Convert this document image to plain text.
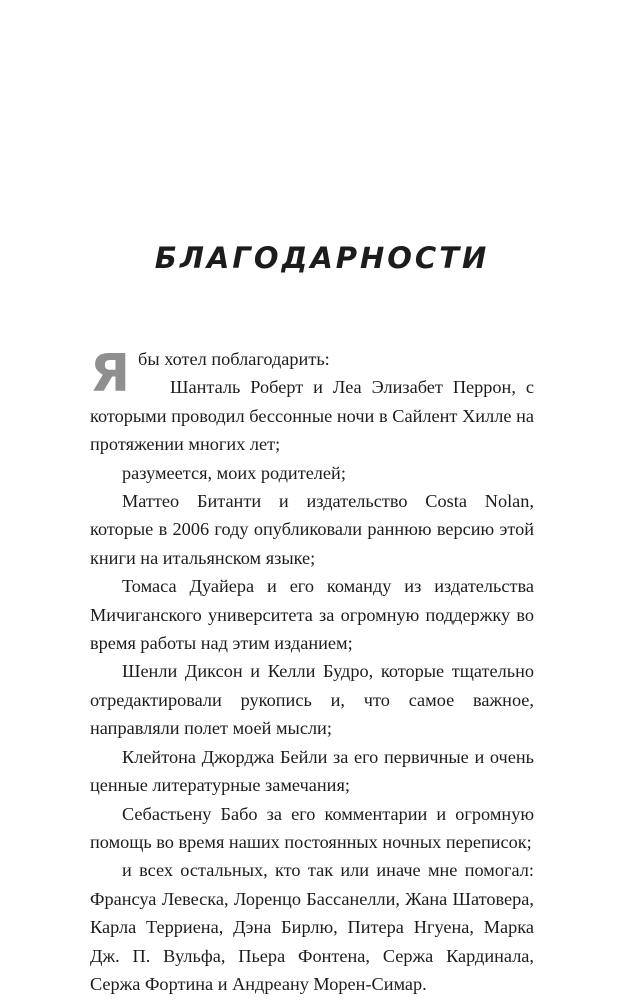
БЛАГОДАРНОСТИ

Ябы хотел поблагодарить:

Шанталь Роберт и Леа Элизабет Перрон, с которыми проводил бессонные ночи в Сайлент Хилле на протяжении многих лет;

разумеется, моих родителей;

Маттео Битанти и издательство Costa Nolan, которые в 2006 году опубликовали раннюю версию этой книги на итальянском языке;

Томаса Дуайера и его команду из издательства Мичиганского университета за огромную поддержку во время работы над этим изданием;

Шенли Диксон и Келли Будро, которые тщательно отредактировали рукопись и, что самое важное, направляли полет моей мысли;

Клейтона Джорджа Бейли за его первичные и очень ценные литературные замечания;

Себастьену Бабо за его комментарии и огромную помощь во время наших постоянных ночных переписок;

и всех остальных, кто так или иначе мне помогал: Франсуа Левеска, Лоренцо Бассанелли, Жана Шатоверa, Карла Терриена, Дэна Бирлю, Питера Нгуена, Марка Дж. П. Вульфа, Пьера Фонтена, Сержа Кардинала, Сержа Фортина и Андреану Морен-Симар.
